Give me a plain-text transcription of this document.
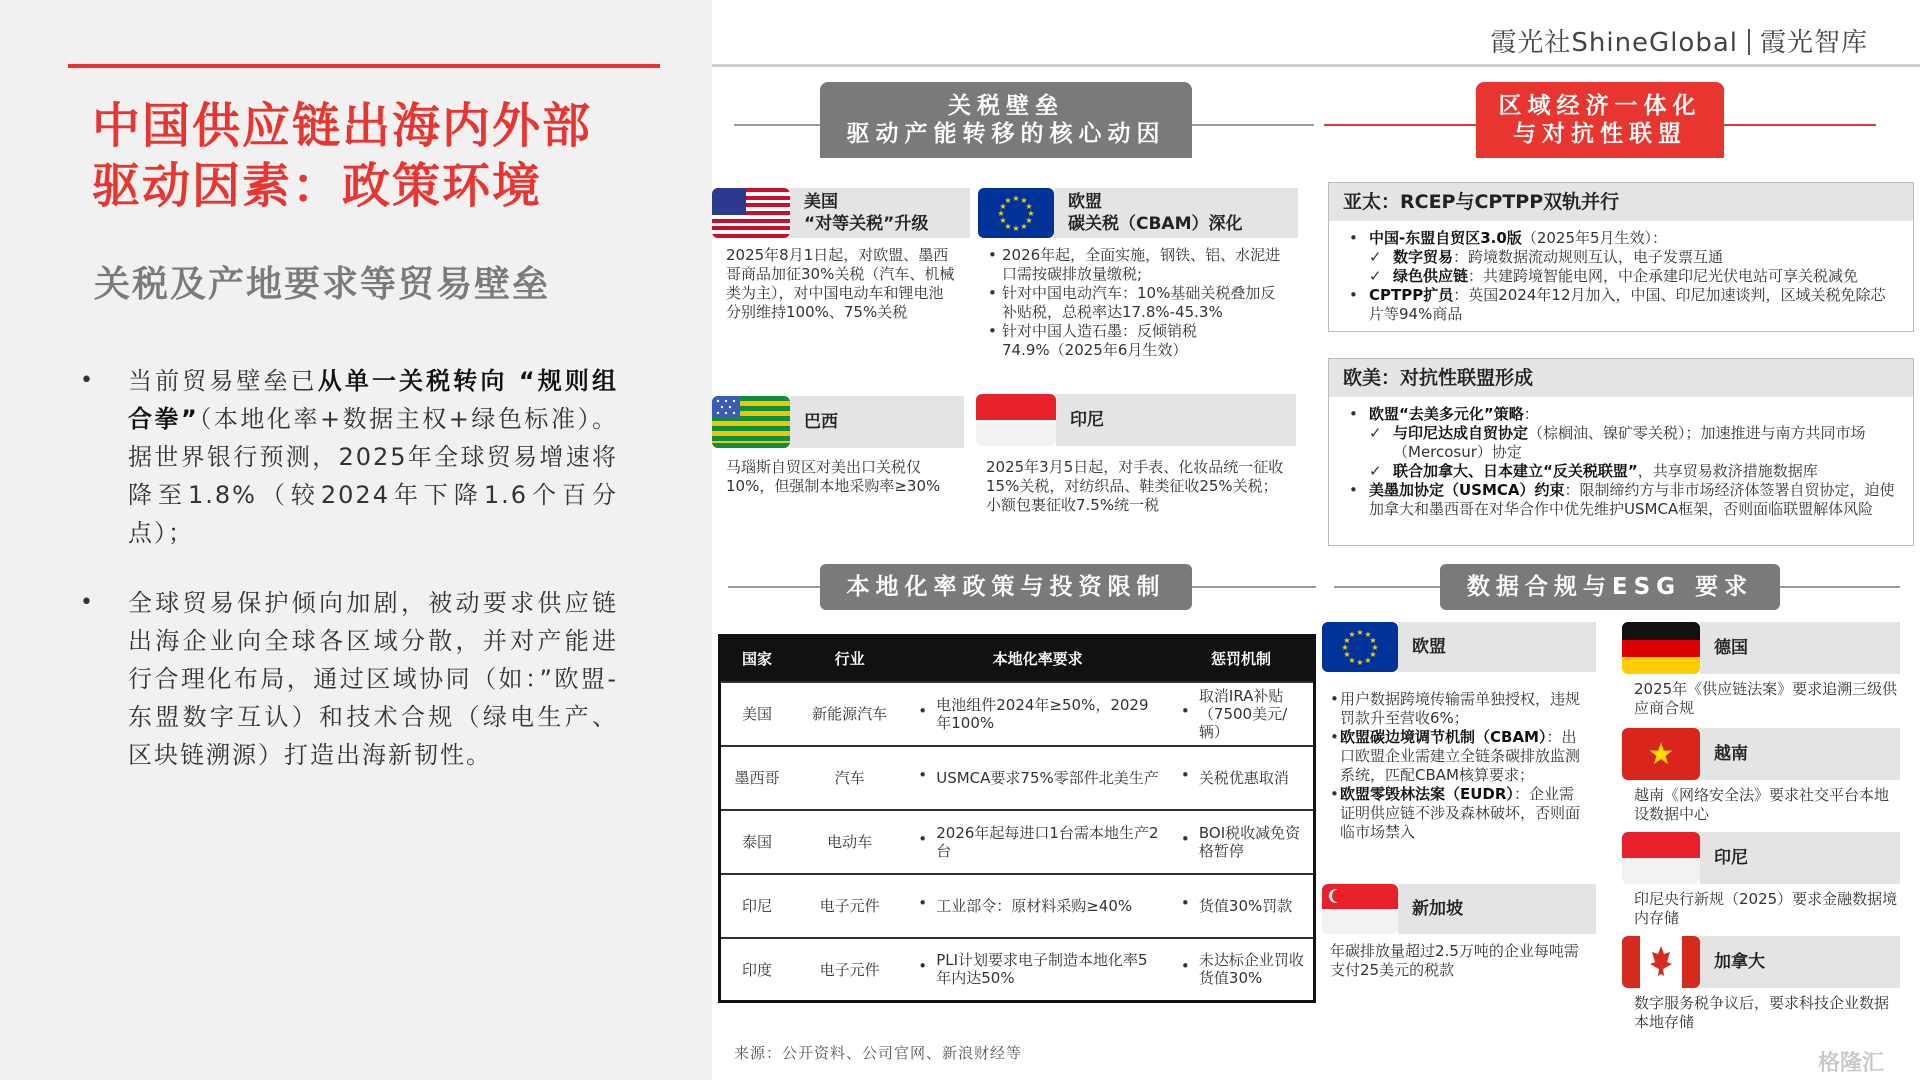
中国供应链出海内外部
驱动因素：政策环境
关税及产地要求等贸易壁垒
• 当前贸易壁垒已从单一关税转向 “规则组合拳”（本地化率+数据主权+绿色标准）。据世界银行预测，2025年全球贸易增速将降至1.8%（较2024年下降1.6个百分点）；
• 全球贸易保护倾向加剧，被动要求供应链出海企业向全球各区域分散，并对产能进行合理化布局，通过区域协同（如：”欧盟-东盟数字互认）和技术合规（绿电生产、区块链溯源）打造出海新韧性。
霞光社ShineGlobal 霞光智库
关税壁垒
驱动产能转移的核心动因
区域经济一体化
与对抗性联盟
美国
“对等关税”升级
2025年8月1日起，对欧盟、墨西哥商品加征30%关税（汽车、机械类为主），对中国电动车和锂电池分别维持100%、75%关税
★ ★
★
★
★
★
★
★
★
★
★
★	欧盟
碳关税（CBAM）深化
• 2026年起，全面实施，钢铁、铝、水泥进口需按碳排放量缴税;
• 针对中国电动汽车：10%基础关税叠加反补贴税，总税率达17.8%-45.3%
• 针对中国人造石墨：反倾销税74.9%（2025年6月生效）
巴西
马瑙斯自贸区对美出口关税仅10%，但强制本地采购率≥30%
印尼
2025年3月5日起，对手表、化妆品统一征收15%关税，对纺织品、鞋类征收25%关税；小额包裹征收7.5%统一税
亚太：RCEP与CPTPP双轨并行
• 中国-东盟自贸区3.0版（2025年5月生效）：
✓ 数字贸易：跨境数据流动规则互认，电子发票互通
✓ 绿色供应链：共建跨境智能电网，中企承建印尼光伏电站可享关税减免
• CPTPP扩员：英国2024年12月加入，中国、印尼加速谈判，区域关税免除芯片等94%商品
欧美：对抗性联盟形成
• 欧盟“去美多元化”策略：
✓ 与印尼达成自贸协定（棕榈油、镍矿零关税）；加速推进与南方共同市场（Mercosur）协定
✓ 联合加拿大、日本建立“反关税联盟”，共享贸易救济措施数据库
• 美墨加协定（USMCA）约束：限制缔约方与非市场经济体签署自贸协定，迫使加拿大和墨西哥在对华合作中优先维护USMCA框架，否则面临联盟解体风险
本地化率政策与投资限制	数据合规与ESG 要求
国家	行业	本地化率要求	惩罚机制
美国	新能源汽车	• 电池组件2024年≥50%，2029年100%	• 取消IRA补贴（7500美元/辆）
墨西哥	汽车	• USMCA要求75%零部件北美生产	• 关税优惠取消
泰国	电动车	• 2026年起每进口1台需本地生产2台	• BOI税收减免资格暂停
印尼	电子元件	• 工业部令：原材料采购≥40%	• 货值30%罚款
印度	电子元件	• PLI计划要求电子制造本地化率5年内达50%	• 未达标企业罚收货值30%
★ ★
★
★
★
★
★
★
★
★
★
★
欧盟
• 用户数据跨境传输需单独授权，违规罚款升至营收6%；
• 欧盟碳边境调节机制（CBAM）：出口欧盟企业需建立全链条碳排放监测系统，匹配CBAM核算要求；
• 欧盟零毁林法案（EUDR）：企业需证明供应链不涉及森林破坏，否则面临市场禁入
新加坡
年碳排放量超过2.5万吨的企业每吨需支付25美元的税款
德国
2025年《供应链法案》要求追溯三级供应商合规
★ 越南
越南《网络安全法》要求社交平台本地设数据中心
印尼
印尼央行新规（2025）要求金融数据境内存储
加拿大
数字服务税争议后，要求科技企业数据本地存储
来源：公开资料、公司官网、新浪财经等	格隆汇
